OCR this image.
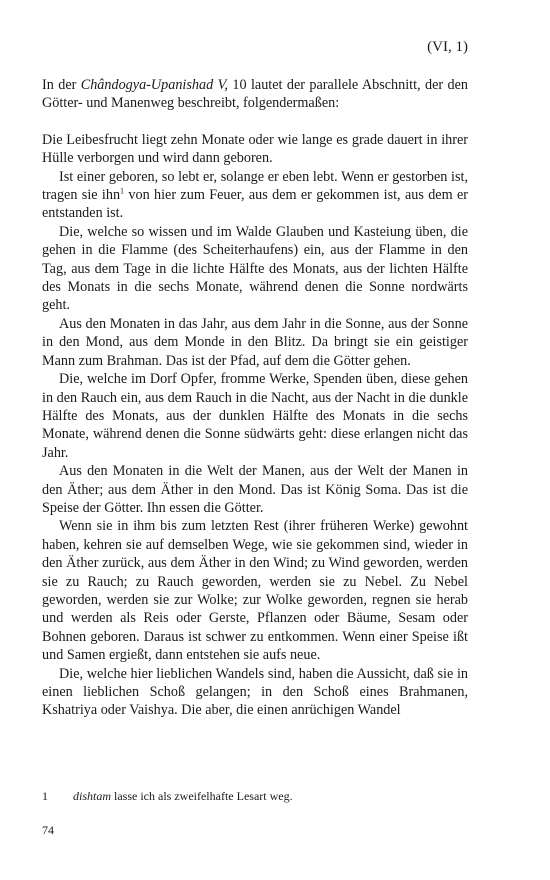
(VI, 1)

In der Chândogya-Upanishad V, 10 lautet der parallele Abschnitt, der den Götter- und Manenweg beschreibt, folgendermaßen:

Die Leibesfrucht liegt zehn Monate oder wie lange es grade dauert in ihrer Hülle verborgen und wird dann geboren.

Ist einer geboren, so lebt er, solange er eben lebt. Wenn er gestorben ist, tragen sie ihn$^1$ von hier zum Feuer, aus dem er gekommen ist, aus dem er entstanden ist.

Die, welche so wissen und im Walde Glauben und Kasteiung üben, die gehen in die Flamme (des Scheiterhaufens) ein, aus der Flamme in den Tag, aus dem Tage in die lichte Hälfte des Monats, aus der lichten Hälfte des Monats in die sechs Monate, während denen die Sonne nordwärts geht.

Aus den Monaten in das Jahr, aus dem Jahr in die Sonne, aus der Sonne in den Mond, aus dem Monde in den Blitz. Da bringt sie ein geistiger Mann zum Brahman. Das ist der Pfad, auf dem die Götter gehen.

Die, welche im Dorf Opfer, fromme Werke, Spenden üben, diese gehen in den Rauch ein, aus dem Rauch in die Nacht, aus der Nacht in die dunkle Hälfte des Monats, aus der dunklen Hälfte des Monats in die sechs Monate, während denen die Sonne südwärts geht: diese erlangen nicht das Jahr.

Aus den Monaten in die Welt der Manen, aus der Welt der Manen in den Äther; aus dem Äther in den Mond. Das ist König Soma. Das ist die Speise der Götter. Ihn essen die Götter.

Wenn sie in ihm bis zum letzten Rest (ihrer früheren Werke) gewohnt haben, kehren sie auf demselben Wege, wie sie gekommen sind, wieder in den Äther zurück, aus dem Äther in den Wind; zu Wind geworden, werden sie zu Rauch; zu Rauch geworden, werden sie zu Nebel. Zu Nebel geworden, werden sie zur Wolke; zur Wolke geworden, regnen sie herab und werden als Reis oder Gerste, Pflanzen oder Bäume, Sesam oder Bohnen geboren. Daraus ist schwer zu entkommen. Wenn einer Speise ißt und Samen ergießt, dann entstehen sie aufs neue.

Die, welche hier lieblichen Wandels sind, haben die Aussicht, daß sie in einen lieblichen Schoß gelangen; in den Schoß eines Brahmanen, Kshatriya oder Vaishya. Die aber, die einen anrüchigen Wandel

1 dishtam lasse ich als zweifelhafte Lesart weg.
74
